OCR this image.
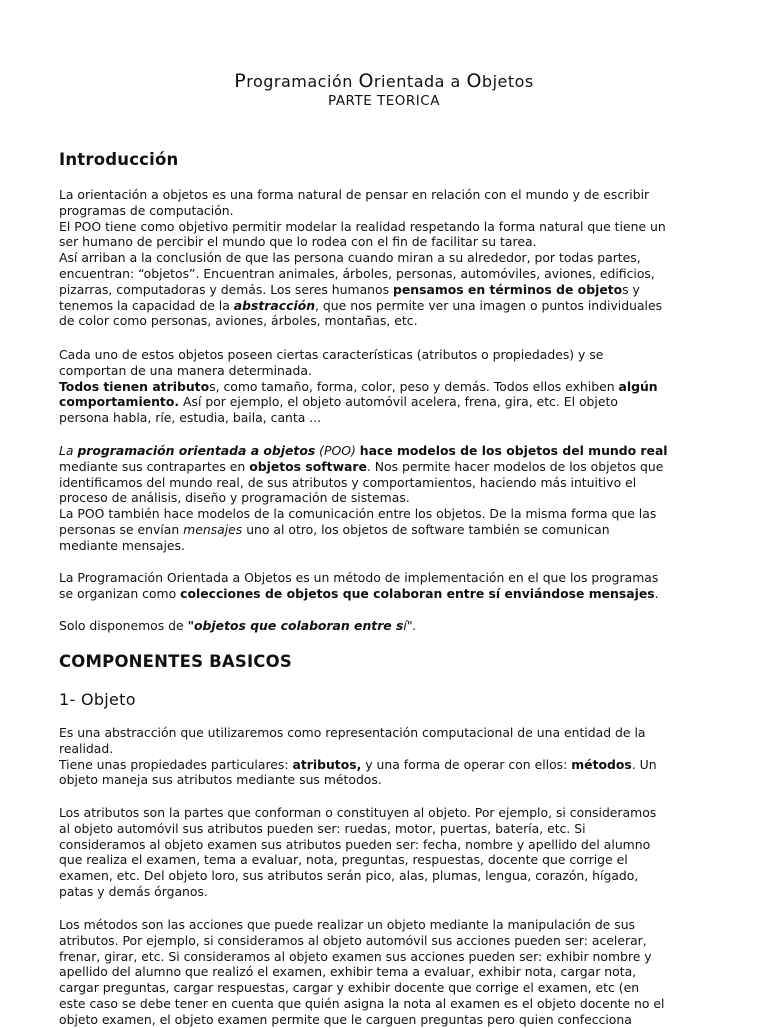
Programación Orientada a Objetos
PARTE TEORICA
Introducción

La orientación a objetos es una forma natural de pensar en relación con el mundo y de escribir
programas de computación.
El POO tiene como objetivo permitir modelar la realidad respetando la forma natural que tiene un
ser humano de percibir el mundo que lo rodea con el fin de facilitar su tarea.
Así arriban a la conclusión de que las persona cuando miran a su alrededor, por todas partes,
encuentran: “objetos”. Encuentran animales, árboles, personas, automóviles, aviones, edificios,
pizarras, computadoras y demás. Los seres humanos pensamos en términos de objetos y
tenemos la capacidad de la abstracción, que nos permite ver una imagen o puntos individuales
de color como personas, aviones, árboles, montañas, etc.

Cada uno de estos objetos poseen ciertas características (atributos o propiedades) y se
comportan de una manera determinada.
Todos tienen atributos, como tamaño, forma, color, peso y demás. Todos ellos exhiben algún
comportamiento. Así por ejemplo, el objeto automóvil acelera, frena, gira, etc. El objeto
persona habla, ríe, estudia, baila, canta ...

La programación orientada a objetos (POO) hace modelos de los objetos del mundo real
mediante sus contrapartes en objetos software. Nos permite hacer modelos de los objetos que
identificamos del mundo real, de sus atributos y comportamientos, haciendo más intuitivo el
proceso de análisis, diseño y programación de sistemas.
La POO también hace modelos de la comunicación entre los objetos. De la misma forma que las
personas se envían mensajes uno al otro, los objetos de software también se comunican
mediante mensajes.

La Programación Orientada a Objetos es un método de implementación en el que los programas
se organizan como colecciones de objetos que colaboran entre sí enviándose mensajes.

Solo disponemos de "objetos que colaboran entre sí".

COMPONENTES BASICOS
1- Objeto

Es una abstracción que utilizaremos como representación computacional de una entidad de la
realidad.
Tiene unas propiedades particulares: atributos, y una forma de operar con ellos: métodos. Un
objeto maneja sus atributos mediante sus métodos.

Los atributos son la partes que conforman o constituyen al objeto. Por ejemplo, si consideramos
al objeto automóvil sus atributos pueden ser: ruedas, motor, puertas, batería, etc. Si
consideramos al objeto examen sus atributos pueden ser: fecha, nombre y apellido del alumno
que realiza el examen, tema a evaluar, nota, preguntas, respuestas, docente que corrige el
examen, etc. Del objeto loro, sus atributos serán pico, alas, plumas, lengua, corazón, hígado,
patas y demás órganos.

Los métodos son las acciones que puede realizar un objeto mediante la manipulación de sus
atributos. Por ejemplo, si consideramos al objeto automóvil sus acciones pueden ser: acelerar,
frenar, girar, etc. Si consideramos al objeto examen sus acciones pueden ser: exhibir nombre y
apellido del alumno que realizó el examen, exhibir tema a evaluar, exhibir nota, cargar nota,
cargar preguntas, cargar respuestas, cargar y exhibir docente que corrige el examen, etc (en
este caso se debe tener en cuenta que quién asigna la nota al examen es el objeto docente no el
objeto examen, el objeto examen permite que le carguen preguntas pero quien confecciona
